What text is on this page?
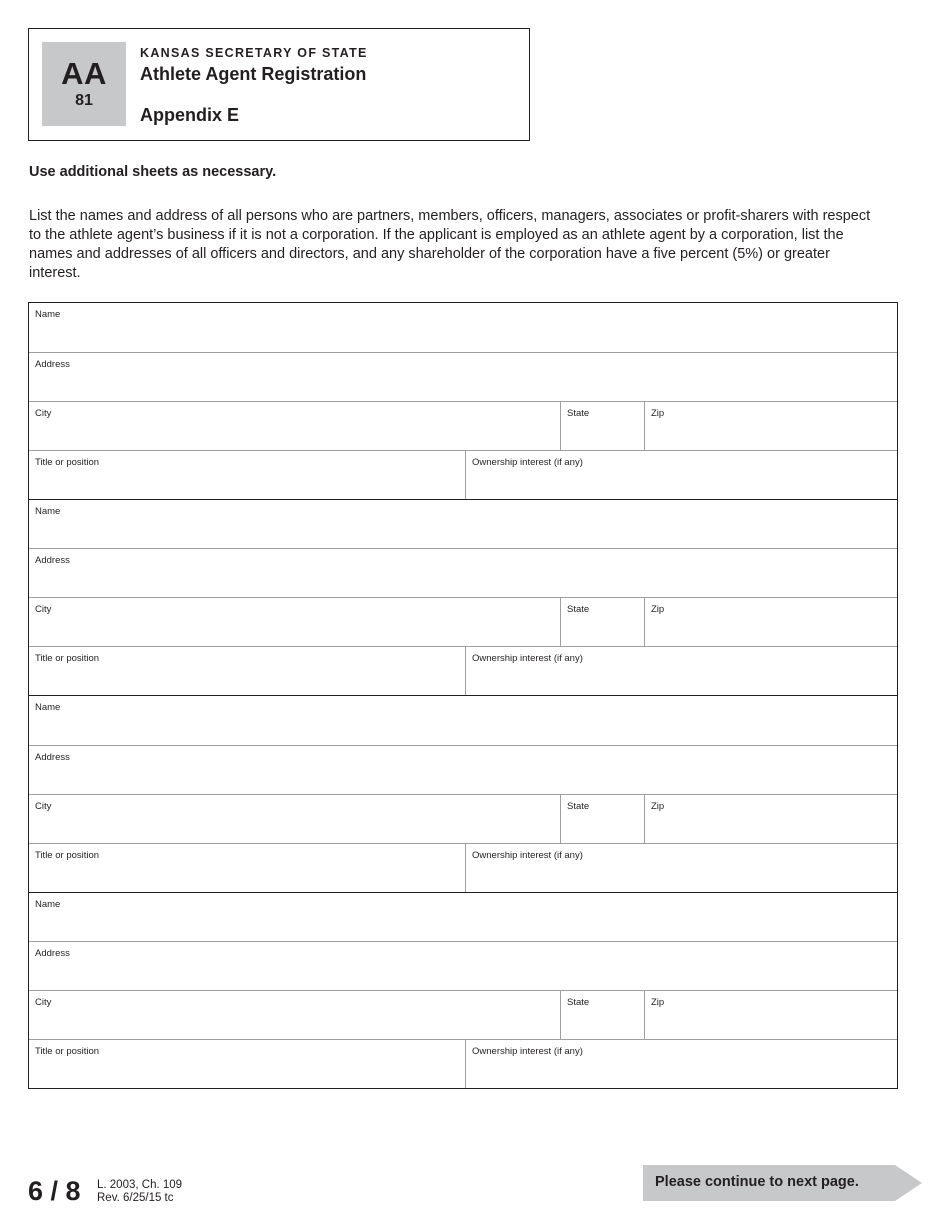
AA
81
KANSAS SECRETARY OF STATE
Athlete Agent Registration
Appendix E
Use additional sheets as necessary.
List the names and address of all persons who are partners, members, officers, managers, associates or profit-sharers with respect to the athlete agent’s business if it is not a corporation. If the applicant is employed as an athlete agent by a corporation, list the names and addresses of all officers and directors, and any shareholder of the corporation have a five percent (5%) or greater interest.
Name
Address
City	State	Zip
Title or position	Ownership interest (if any)
Name
Address
City	State	Zip
Title or position	Ownership interest (if any)
Name
Address
City	State	Zip
Title or position	Ownership interest (if any)
Name
Address
City	State	Zip
Title or position	Ownership interest (if any)
6 / 8 L. 2003, Ch. 109
Rev. 6/25/15 tc
Please continue to next page.
